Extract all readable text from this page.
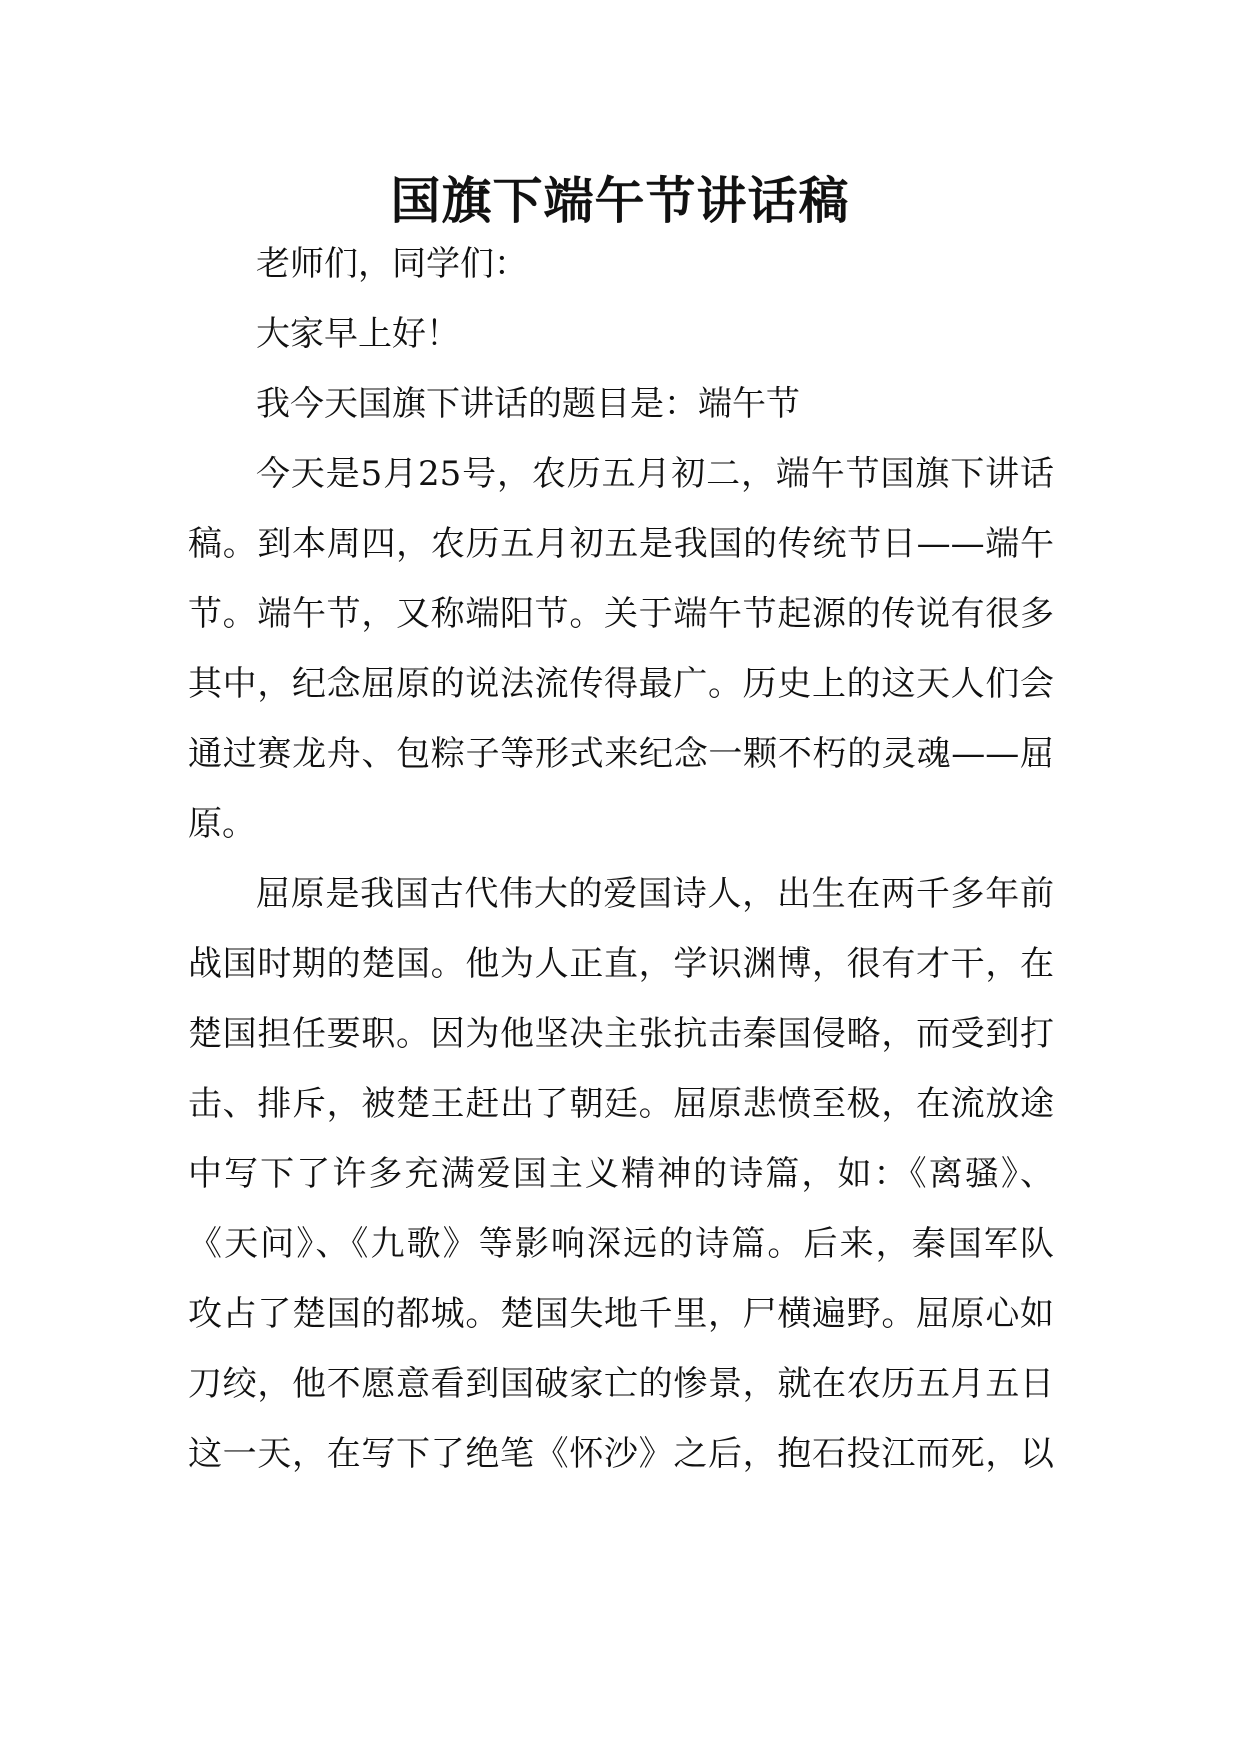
国旗下端午节讲话稿

老师们，同学们：

大家早上好！

我今天国旗下讲话的题目是：端午节

今天是5月25号，农历五月初二，端午节国旗下讲话

稿。到本周四，农历五月初五是我国的传统节日——端午

节。端午节，又称端阳节。关于端午节起源的传说有很多

其中，纪念屈原的说法流传得最广。历史上的这天人们会

通过赛龙舟、包粽子等形式来纪念一颗不朽的灵魂——屈

原。

屈原是我国古代伟大的爱国诗人，出生在两千多年前

战国时期的楚国。他为人正直，学识渊博，很有才干，在

楚国担任要职。因为他坚决主张抗击秦国侵略，而受到打

击、排斥，被楚王赶出了朝廷。屈原悲愤至极，在流放途

中写下了许多充满爱国主义精神的诗篇，如：《离骚》、

《天问》、《九歌》等影响深远的诗篇。后来，秦国军队

攻占了楚国的都城。楚国失地千里，尸横遍野。屈原心如

刀绞，他不愿意看到国破家亡的惨景，就在农历五月五日

这一天，在写下了绝笔《怀沙》之后，抱石投江而死，以
